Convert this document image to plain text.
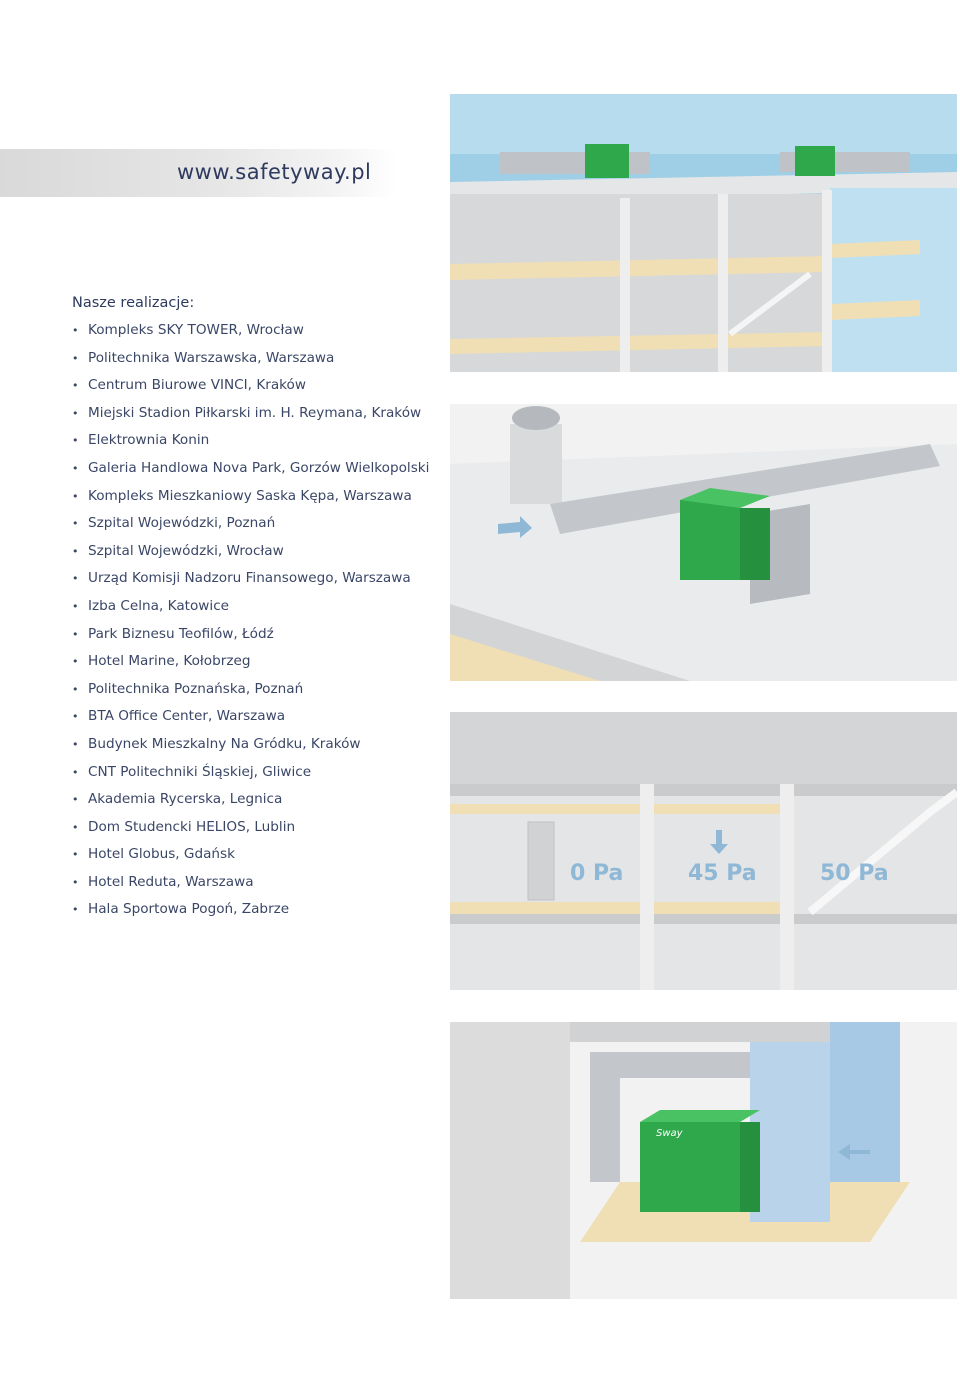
www.safetyway.pl
Nasze realizacje:
• Kompleks SKY TOWER, Wrocław
• Politechnika Warszawska, Warszawa
• Centrum Biurowe VINCI, Kraków
• Miejski Stadion Piłkarski im. H. Reymana, Kraków
• Elektrownia Konin
• Galeria Handlowa Nova Park, Gorzów Wielkopolski
• Kompleks Mieszkaniowy Saska Kępa, Warszawa
• Szpital Wojewódzki, Poznań
• Szpital Wojewódzki, Wrocław
• Urząd Komisji Nadzoru Finansowego, Warszawa
• Izba Celna, Katowice
• Park Biznesu Teofilów, Łódź
• Hotel Marine, Kołobrzeg
• Politechnika Poznańska, Poznań
• BTA Office Center, Warszawa
• Budynek Mieszkalny Na Gródku, Kraków
• CNT Politechniki Śląskiej, Gliwice
• Akademia Rycerska, Legnica
• Dom Studencki HELIOS, Lublin
• Hotel Globus, Gdańsk
• Hotel Reduta, Warszawa
• Hala Sportowa Pogoń, Zabrze
0 Pa	45 Pa	50 Pa
Sway
